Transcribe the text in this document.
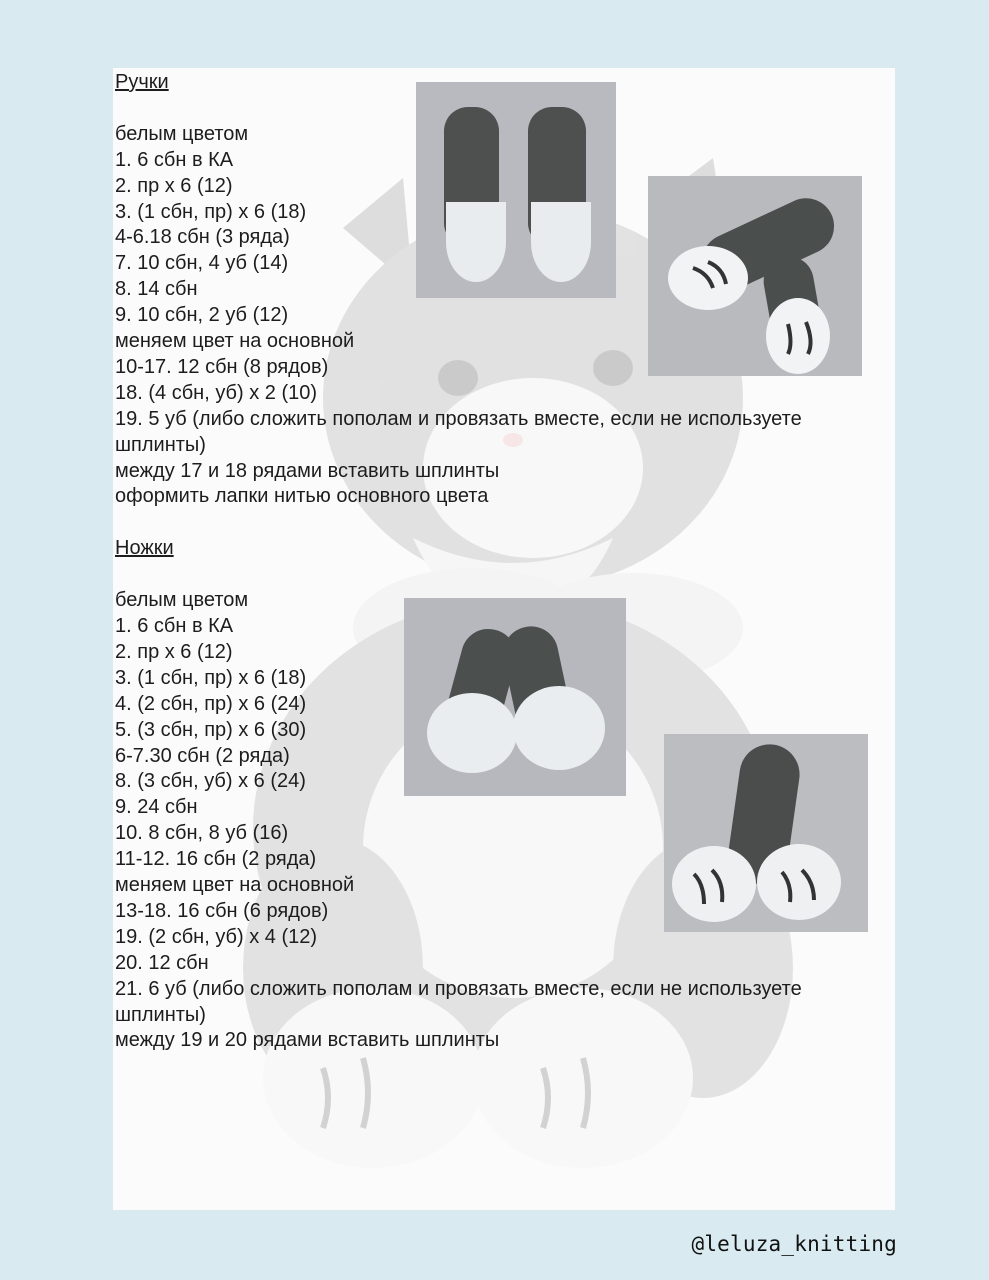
Ручки
белым цветом
1. 6 сбн в КА
2. пр х 6 (12)
3. (1 сбн, пр) х 6 (18)
4-6.18 сбн (3 ряда)
7. 10 сбн, 4 уб (14)
8. 14 сбн
9. 10 сбн, 2 уб (12)
меняем цвет на основной
10-17. 12 сбн (8 рядов)
18. (4 сбн, уб) х 2 (10)
19. 5 уб (либо сложить пополам и провязать вместе, если не используете шплинты)
между 17 и 18 рядами вставить шплинты
оформить лапки нитью основного цвета
Ножки
белым цветом
1. 6 сбн в КА
2. пр х 6 (12)
3. (1 сбн, пр) х 6 (18)
4. (2 сбн, пр) х 6 (24)
5. (3 сбн, пр) х 6 (30)
6-7.30 сбн (2 ряда)
8. (3 сбн, уб) х 6 (24)
9. 24 сбн
10. 8 сбн, 8 уб (16)
11-12. 16 сбн (2 ряда)
меняем цвет на основной
13-18. 16 сбн (6 рядов)
19. (2 сбн, уб) х 4 (12)
20. 12 сбн
21. 6 уб (либо сложить пополам и провязать вместе, если не используете шплинты)
между 19 и 20 рядами вставить шплинты
@leluza_knitting
